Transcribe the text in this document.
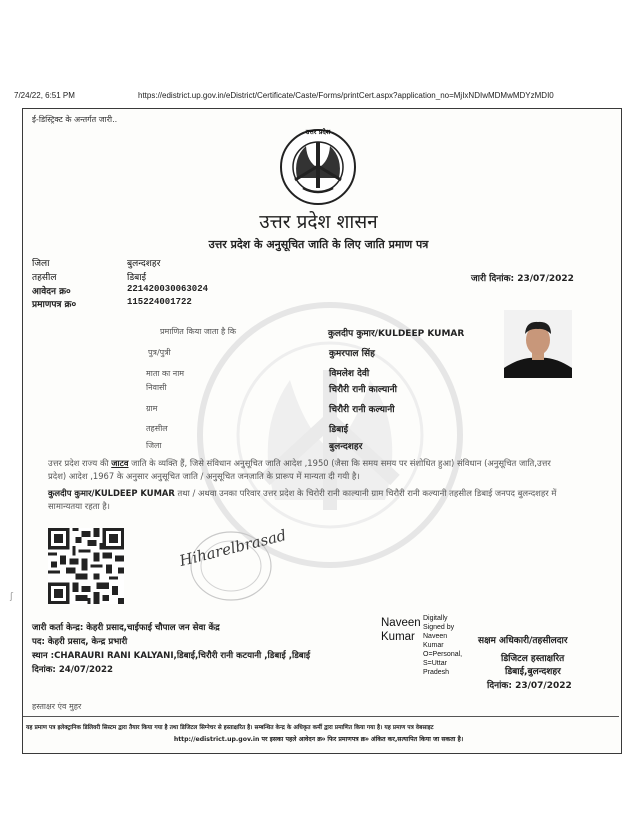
7/24/22, 6:51 PM	https://edistrict.up.gov.in/eDistrict/Certificate/Caste/Forms/printCert.aspx?application_no=MjIxNDIwMDMwMDYzMDI0
ई-डिस्ट्रिक्ट के अन्तर्गत जारी..
उत्तर प्रदेश
उत्तर प्रदेश शासन
उत्तर प्रदेश के अनुसूचित जाति के लिए जाति प्रमाण पत्र
जिला	बुलन्दशहर
तहसील	डिबाई
आवेदन क्र०	221420030063024
प्रमाणपत्र क्र०	115224001722
जारी दिनांक: 23/07/2022
प्रमाणित किया जाता है कि	कुलदीप कुमार/KULDEEP KUMAR
पुत्र/पुत्री	कुमरपाल सिंह
माता का नाम	विमलेश देवी
निवासी	चिरौरी रानी काल्यानी
ग्राम	चिरौरी रानी कल्यानी
तहसील	डिबाई
जिला	बुलन्दशहर
उत्तर प्रदेश राज्य की जाटव जाति के व्यक्ति हैं, जिसे संविधान अनुसूचित जाति आदेश ,1950 (जैसा कि समय समय पर संशोधित हुआ) संविधान (अनुसूचित जाति,उत्तर प्रदेश) आदेश ,1967 के अनुसार अनुसूचित जाति / अनुसूचित जनजाति के प्रारूप में मान्यता दी गयी है।
कुलदीप कुमार/KULDEEP KUMAR तथा / अथवा उनका परिवार उत्तर प्रदेश के चिरोरी रानी काल्यानी ग्राम चिरौरी रानी कल्यानी तहसील डिबाई जनपद बुलन्दशहर में सामान्यतया रहता है।
Hiharelbrasad
ʃ
जारी कर्ता केन्द्र: केहरी प्रसाद,चाईफाई चौपाल जन सेवा केंद्र
पद: केहरी प्रसाद, केन्द्र प्रभारी
स्थान :CHARAURI RANI KALYANI,डिबाई,चिरौरी रानी कटयानी ,डिबाई ,डिबाई
दिनांक: 24/07/2022
Naveen Kumar
Digitally Signed by Naveen Kumar O=Personal, S=Uttar Pradesh
सक्षम अधिकारी/तहसीलदार
डिजिटल हस्ताक्षरित
डिबाई,बुलन्दशहर
दिनांक: 23/07/2022
हस्ताक्षर एंव मुहर
यह प्रमाण पत्र इलेक्ट्रानिक डिलिवरी सिस्टम द्वारा तैयार किया गया है तथा डिजिटल सिग्नेचर से हस्ताक्षरित है। सम्बन्धित केन्द्र के अधिकृत कर्मी द्वारा प्रमाणित किया गया है। यह प्रमाण पत्र वेबसाइट
http://edistrict.up.gov.in पर इसका पहले आवेदन क्र० फिर प्रमाणपत्र क्र० अंकित कर,सत्यापित किया जा सकता है।
